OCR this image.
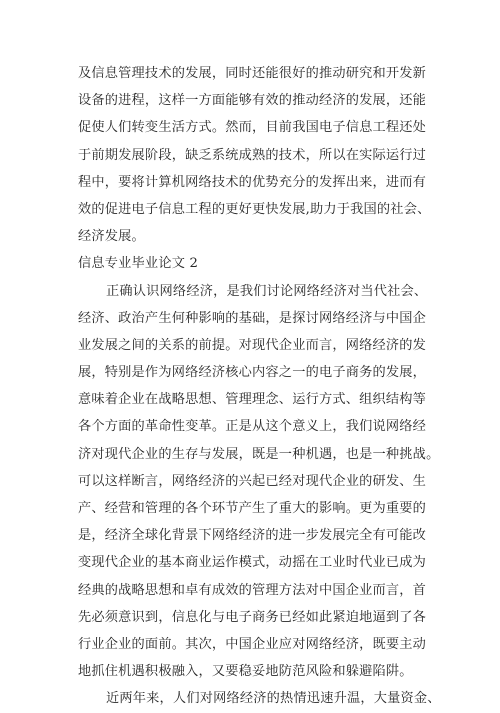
及信息管理技术的发展，同时还能很好的推动研究和开发新
设备的进程，这样一方面能够有效的推动经济的发展，还能
促使人们转变生活方式。然而，目前我国电子信息工程还处
于前期发展阶段，缺乏系统成熟的技术，所以在实际运行过
程中，要将计算机网络技术的优势充分的发挥出来，进而有
效的促进电子信息工程的更好更快发展,助力于我国的社会、
经济发展。
信息专业毕业论文 2
正确认识网络经济，是我们讨论网络经济对当代社会、
经济、政治产生何种影响的基础，是探讨网络经济与中国企
业发展之间的关系的前提。对现代企业而言，网络经济的发
展，特别是作为网络经济核心内容之一的电子商务的发展，
意味着企业在战略思想、管理理念、运行方式、组织结构等
各个方面的革命性变革。正是从这个意义上，我们说网络经
济对现代企业的生存与发展，既是一种机遇，也是一种挑战。
可以这样断言，网络经济的兴起已经对现代企业的研发、生
产、经营和管理的各个环节产生了重大的影响。更为重要的
是，经济全球化背景下网络经济的进一步发展完全有可能改
变现代企业的基本商业运作模式，动摇在工业时代业已成为
经典的战略思想和卓有成效的管理方法对中国企业而言，首
先必须意识到，信息化与电子商务已经如此紧迫地逼到了各
行业企业的面前。其次，中国企业应对网络经济，既要主动
地抓住机遇积极融入，又要稳妥地防范风险和躲避陷阱。
近两年来，人们对网络经济的热情迅速升温，大量资金、
